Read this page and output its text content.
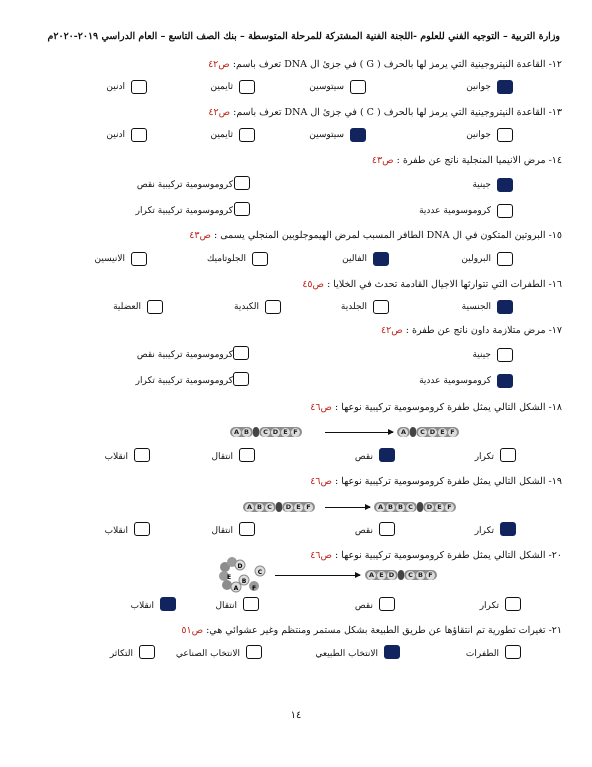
وزارة التربية – التوجيه الفني للعلوم -اللجنة الفنية المشتركة للمرحلة المتوسطة – بنك الصف التاسع – العام الدراسي ٢٠١٩-٢٠٢٠م
١٢- القاعدة النيتروجينية التي يرمز لها بالحرف ( G ) في جزئ ال DNA تعرف باسم: ص٤٢
جوانين
سيتوسين
ثايمين
ادنين
١٣- القاعدة النيتروجينية التي يرمز لها بالحرف ( C ) في جزئ ال DNA تعرف باسم: ص٤٢
جوانين
سيتوسين
ثايمين
ادنين
١٤- مرض الانيميا المنجلية ناتج عن طفرة : ص٤٣
جينية
كروموسومية تركيبية نقص
كروموسومية عددية
كروموسومية تركيبية تكرار
١٥- البروتين المتكون في ال DNA الطافر المسبب لمرض الهيموجلوبين المنجلي يسمى : ص٤٣
البرولين
الفالين
الجلوتاميك
الانيسين
١٦- الطفرات التي تتوارثها الاجيال القادمة تحدث في الخلايا : ص٤٥
الجنسية
الجلدية
الكبدية
العضلية
١٧- مرض متلازمة داون ناتج عن طفرة : ص٤٢
جينية
كروموسومية تركيبية نقص
كروموسومية عددية
كروموسومية تركيبية تكرار
١٨- الشكل التالي يمثل طفرة كروموسومية تركيبية نوعها : ص٤٦
A B	C D E F	A	C D E F
تكرار
نقص
انتقال
انقلاب
١٩- الشكل التالي يمثل طفرة كروموسومية تركيبية نوعها : ص٤٦
A B C	D E F	A B B C	D E F
تكرار
نقص
انتقال
انقلاب
٢٠- الشكل التالي يمثل طفرة كروموسومية تركيبية نوعها : ص٤٦
D
A
B
C
E
F
A E D	C B F
تكرار
نقص
انتقال
انقلاب
٢١- تغيرات تطورية تم انتقاؤها عن طريق الطبيعة بشكل مستمر ومنتظم وغير عشوائي هي: ص٥١
الطفرات
الانتخاب الطبيعي
الانتخاب الصناعي
التكاثر
١٤
